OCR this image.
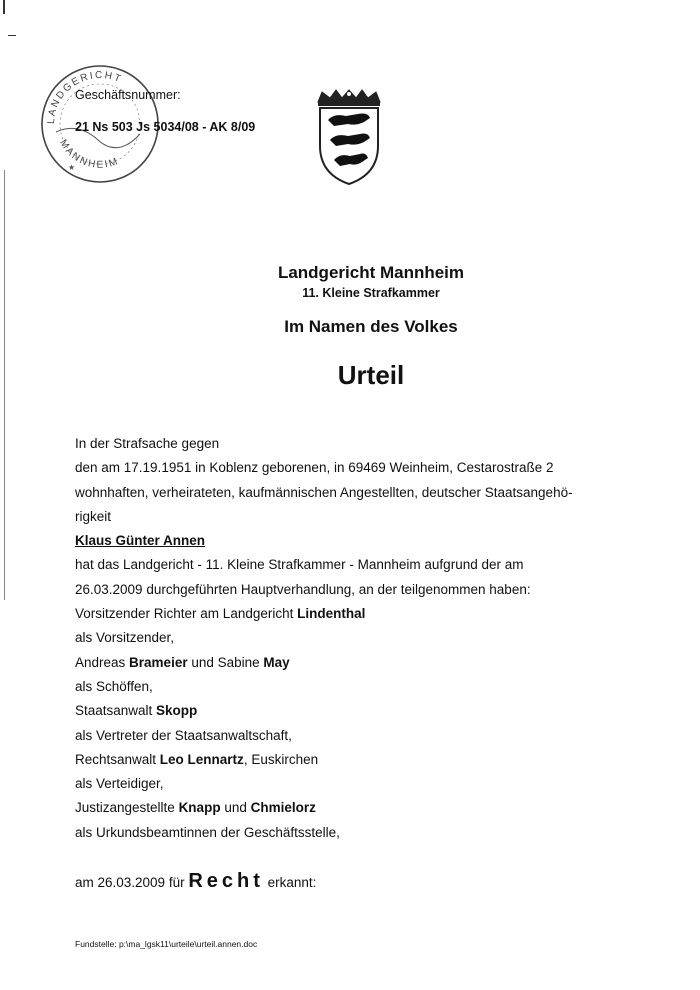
LANDGERICHT
MANNHEIM
★
Geschäftsnummer:
21 Ns 503 Js 5034/08 - AK 8/09
Landgericht Mannheim
11. Kleine Strafkammer
Im Namen des Volkes
Urteil

In der Strafsache gegen

den am 17.19.1951 in Koblenz geborenen, in 69469 Weinheim, Cestarostraße 2

wohnhaften, verheirateten, kaufmännischen Angestellten, deutscher Staatsangehö-

rigkeit

Klaus Günter Annen

hat das Landgericht - 11. Kleine Strafkammer - Mannheim aufgrund der am

26.03.2009 durchgeführten Hauptverhandlung, an der teilgenommen haben:

Vorsitzender Richter am Landgericht Lindenthal

als Vorsitzender,

Andreas Brameier und Sabine May

als Schöffen,

Staatsanwalt Skopp

als Vertreter der Staatsanwaltschaft,

Rechtsanwalt Leo Lennartz, Euskirchen

als Verteidiger,

Justizangestellte Knapp und Chmielorz

als Urkundsbeamtinnen der Geschäftsstelle,

am 26.03.2009 für Recht erkannt:
Fundstelle: p:\ma_lgsk11\urteile\urteil.annen.doc
